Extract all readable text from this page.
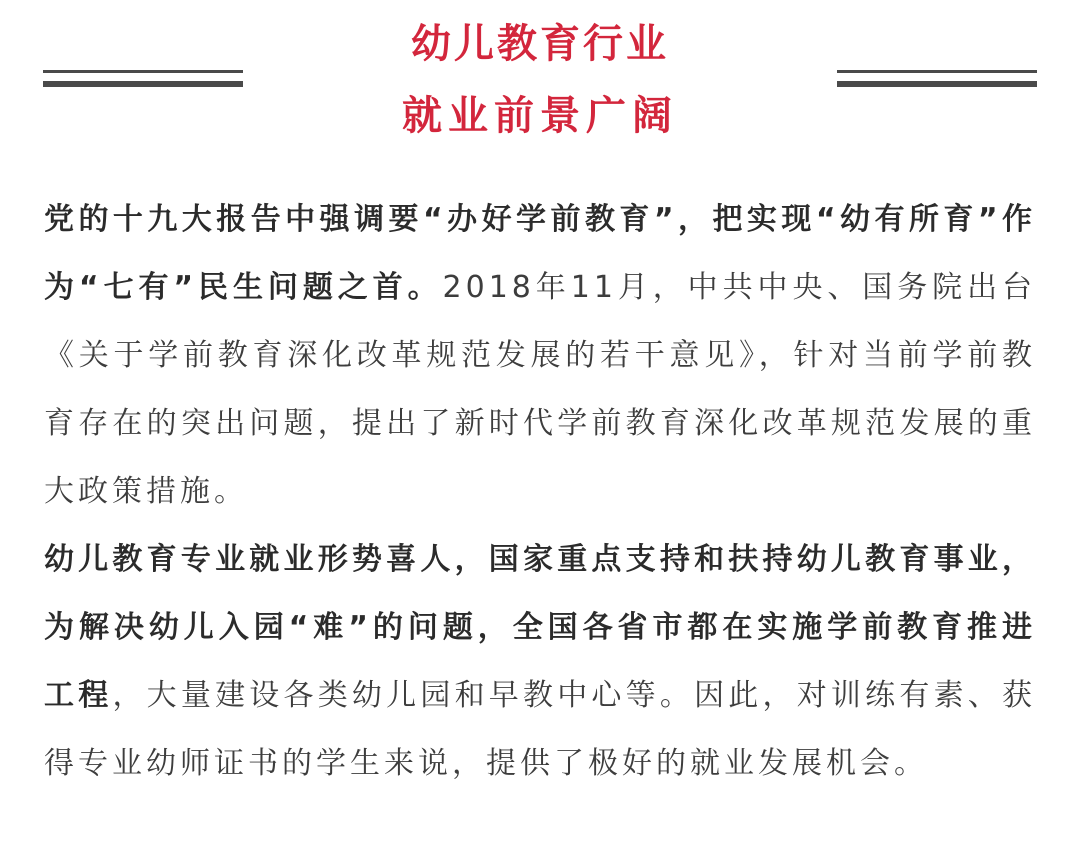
幼儿教育行业
就业前景广阔

党的十九大报告中强调要“办好学前教育”，把实现“幼有所育”作为“七有”民生问题之首。2018年11月，中共中央、国务院出台《关于学前教育深化改革规范发展的若干意见》，针对当前学前教育存在的突出问题，提出了新时代学前教育深化改革规范发展的重大政策措施。

幼儿教育专业就业形势喜人，国家重点支持和扶持幼儿教育事业，为解决幼儿入园“难”的问题，全国各省市都在实施学前教育推进工程，大量建设各类幼儿园和早教中心等。因此，对训练有素、获得专业幼师证书的学生来说，提供了极好的就业发展机会。
